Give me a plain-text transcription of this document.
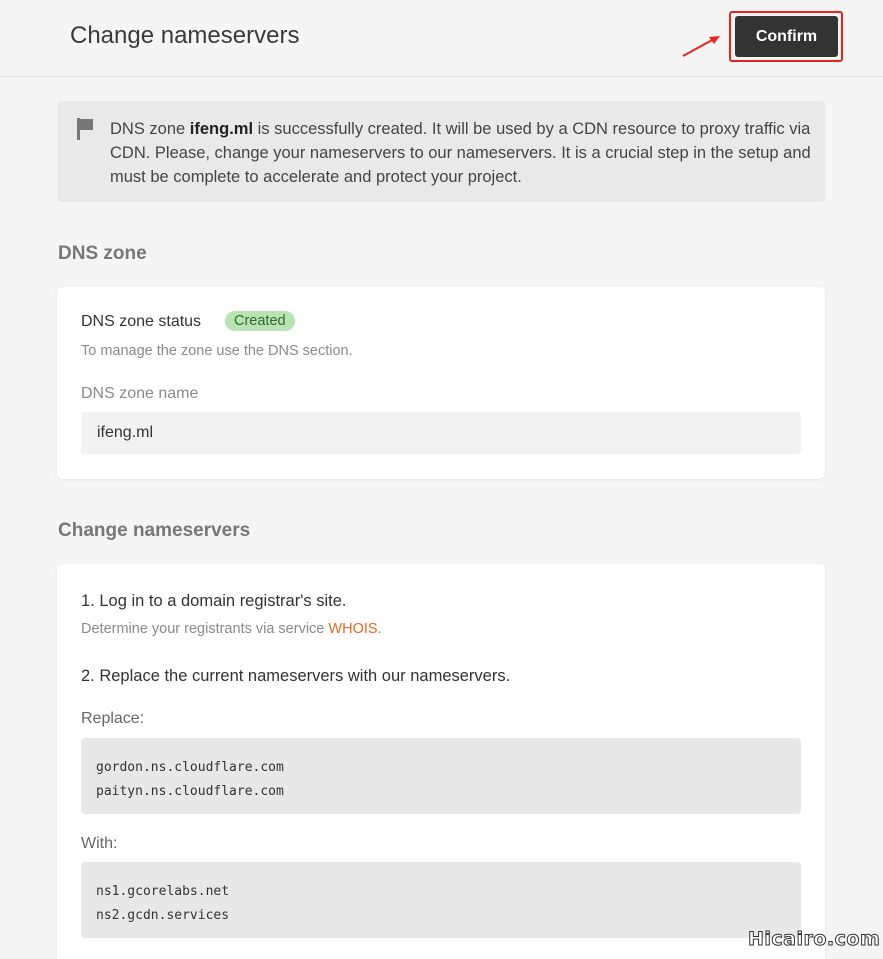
Change nameservers	Confirm
DNS zone ifeng.ml is successfully created. It will be used by a CDN resource to proxy traffic via CDN. Please, change your nameservers to our nameservers. It is a crucial step in the setup and must be complete to accelerate and protect your project.
DNS zone
DNS zone status	Created
To manage the zone use the DNS section.
DNS zone name
ifeng.ml
Change nameservers
1. Log in to a domain registrar's site.
Determine your registrants via service WHOIS.
2. Replace the current nameservers with our nameservers.
Replace:
gordon.ns.cloudflare.com
paityn.ns.cloudflare.com
With:
ns1.gcorelabs.net
ns2.gcdn.services
Hicairo.com
